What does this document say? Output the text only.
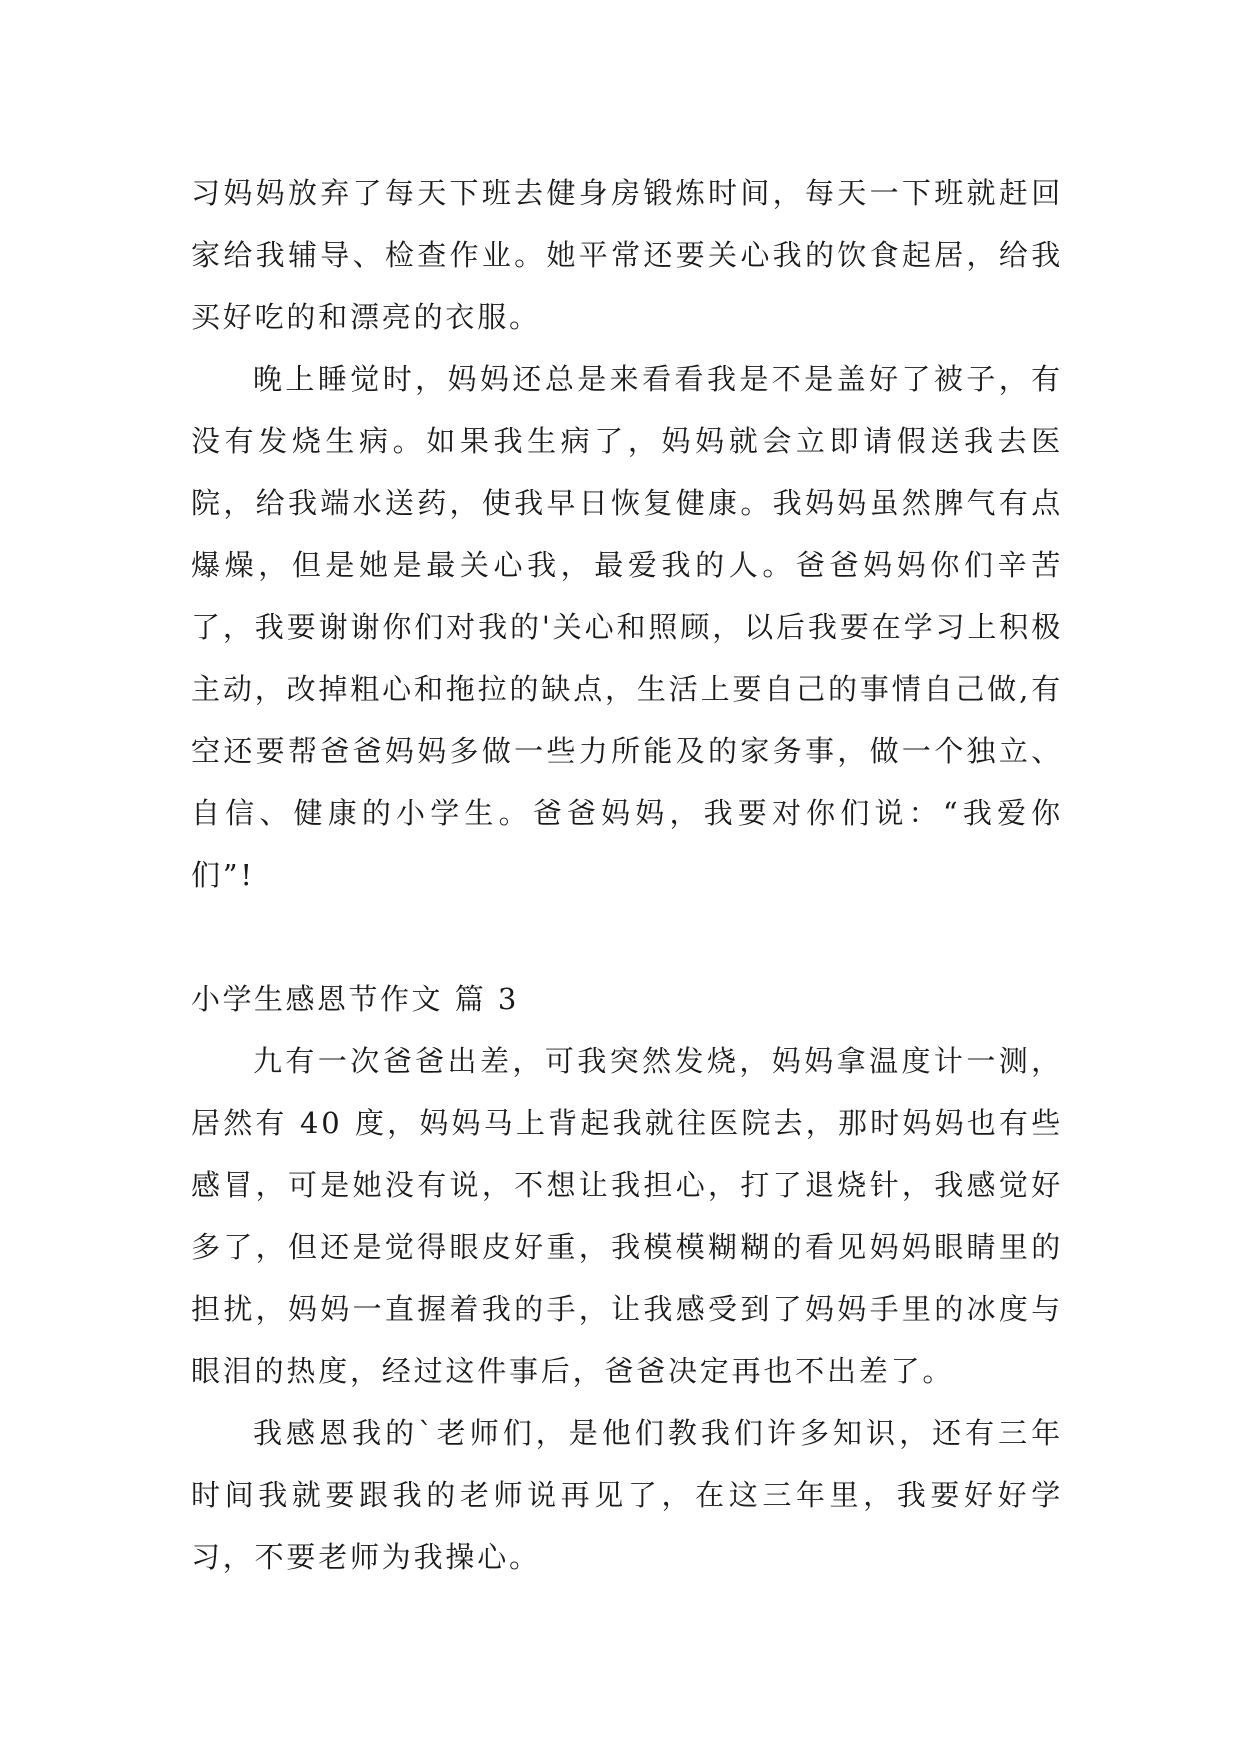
习妈妈放弃了每天下班去健身房锻炼时间，每天一下班就赶回家给我辅导、检查作业。她平常还要关心我的饮食起居，给我买好吃的和漂亮的衣服。

晚上睡觉时，妈妈还总是来看看我是不是盖好了被子，有没有发烧生病。如果我生病了，妈妈就会立即请假送我去医院，给我端水送药，使我早日恢复健康。我妈妈虽然脾气有点爆燥，但是她是最关心我，最爱我的人。爸爸妈妈你们辛苦了，我要谢谢你们对我的'关心和照顾，以后我要在学习上积极主动，改掉粗心和拖拉的缺点，生活上要自己的事情自己做,有空还要帮爸爸妈妈多做一些力所能及的家务事，做一个独立、自信、健康的小学生。爸爸妈妈，我要对你们说：“我爱你们”!

小学生感恩节作文 篇 3

九有一次爸爸出差，可我突然发烧，妈妈拿温度计一测，居然有 40 度，妈妈马上背起我就往医院去，那时妈妈也有些感冒，可是她没有说，不想让我担心，打了退烧针，我感觉好多了，但还是觉得眼皮好重，我模模糊糊的看见妈妈眼睛里的担扰，妈妈一直握着我的手，让我感受到了妈妈手里的冰度与眼泪的热度，经过这件事后，爸爸决定再也不出差了。

我感恩我的`老师们，是他们教我们许多知识，还有三年时间我就要跟我的老师说再见了，在这三年里，我要好好学习，不要老师为我操心。
